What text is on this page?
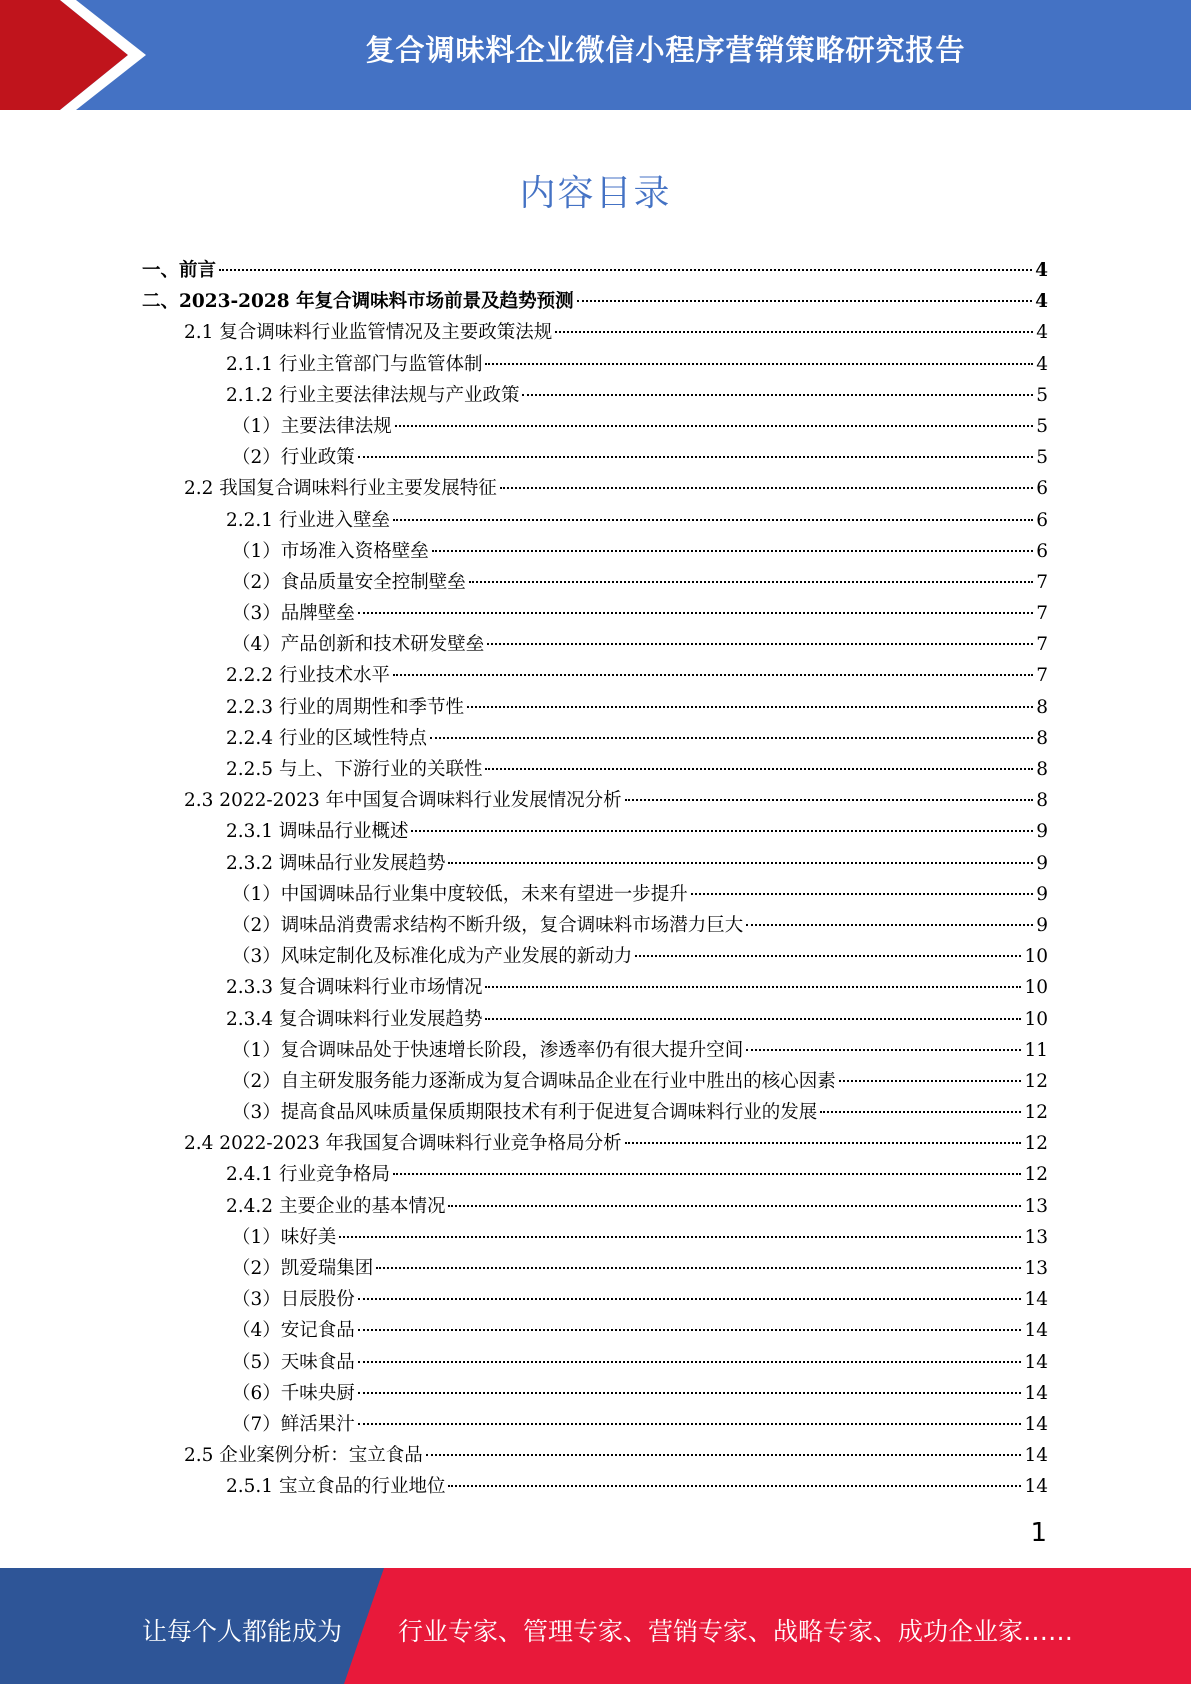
复合调味料企业微信小程序营销策略研究报告
内容目录
一、前言	4
二、2023-2028 年复合调味料市场前景及趋势预测	4
2.1 复合调味料行业监管情况及主要政策法规	4
2.1.1 行业主管部门与监管体制	4
2.1.2 行业主要法律法规与产业政策	5
（1）主要法律法规	5
（2）行业政策	5
2.2 我国复合调味料行业主要发展特征	6
2.2.1 行业进入壁垒	6
（1）市场准入资格壁垒	6
（2）食品质量安全控制壁垒	7
（3）品牌壁垒	7
（4）产品创新和技术研发壁垒	7
2.2.2 行业技术水平	7
2.2.3 行业的周期性和季节性	8
2.2.4 行业的区域性特点	8
2.2.5 与上、下游行业的关联性	8
2.3 2022-2023 年中国复合调味料行业发展情况分析	8
2.3.1 调味品行业概述	9
2.3.2 调味品行业发展趋势	9
（1）中国调味品行业集中度较低，未来有望进一步提升	9
（2）调味品消费需求结构不断升级，复合调味料市场潜力巨大	9
（3）风味定制化及标准化成为产业发展的新动力	10
2.3.3 复合调味料行业市场情况	10
2.3.4 复合调味料行业发展趋势	10
（1）复合调味品处于快速增长阶段，渗透率仍有很大提升空间	11
（2）自主研发服务能力逐渐成为复合调味品企业在行业中胜出的核心因素	12
（3）提高食品风味质量保质期限技术有利于促进复合调味料行业的发展	12
2.4 2022-2023 年我国复合调味料行业竞争格局分析	12
2.4.1 行业竞争格局	12
2.4.2 主要企业的基本情况	13
（1）味好美	13
（2）凯爱瑞集团	13
（3）日辰股份	14
（4）安记食品	14
（5）天味食品	14
（6）千味央厨	14
（7）鲜活果汁	14
2.5 企业案例分析：宝立食品	14
2.5.1 宝立食品的行业地位	14
1
让每个人都能成为 行业专家、管理专家、营销专家、战略专家、成功企业家……
